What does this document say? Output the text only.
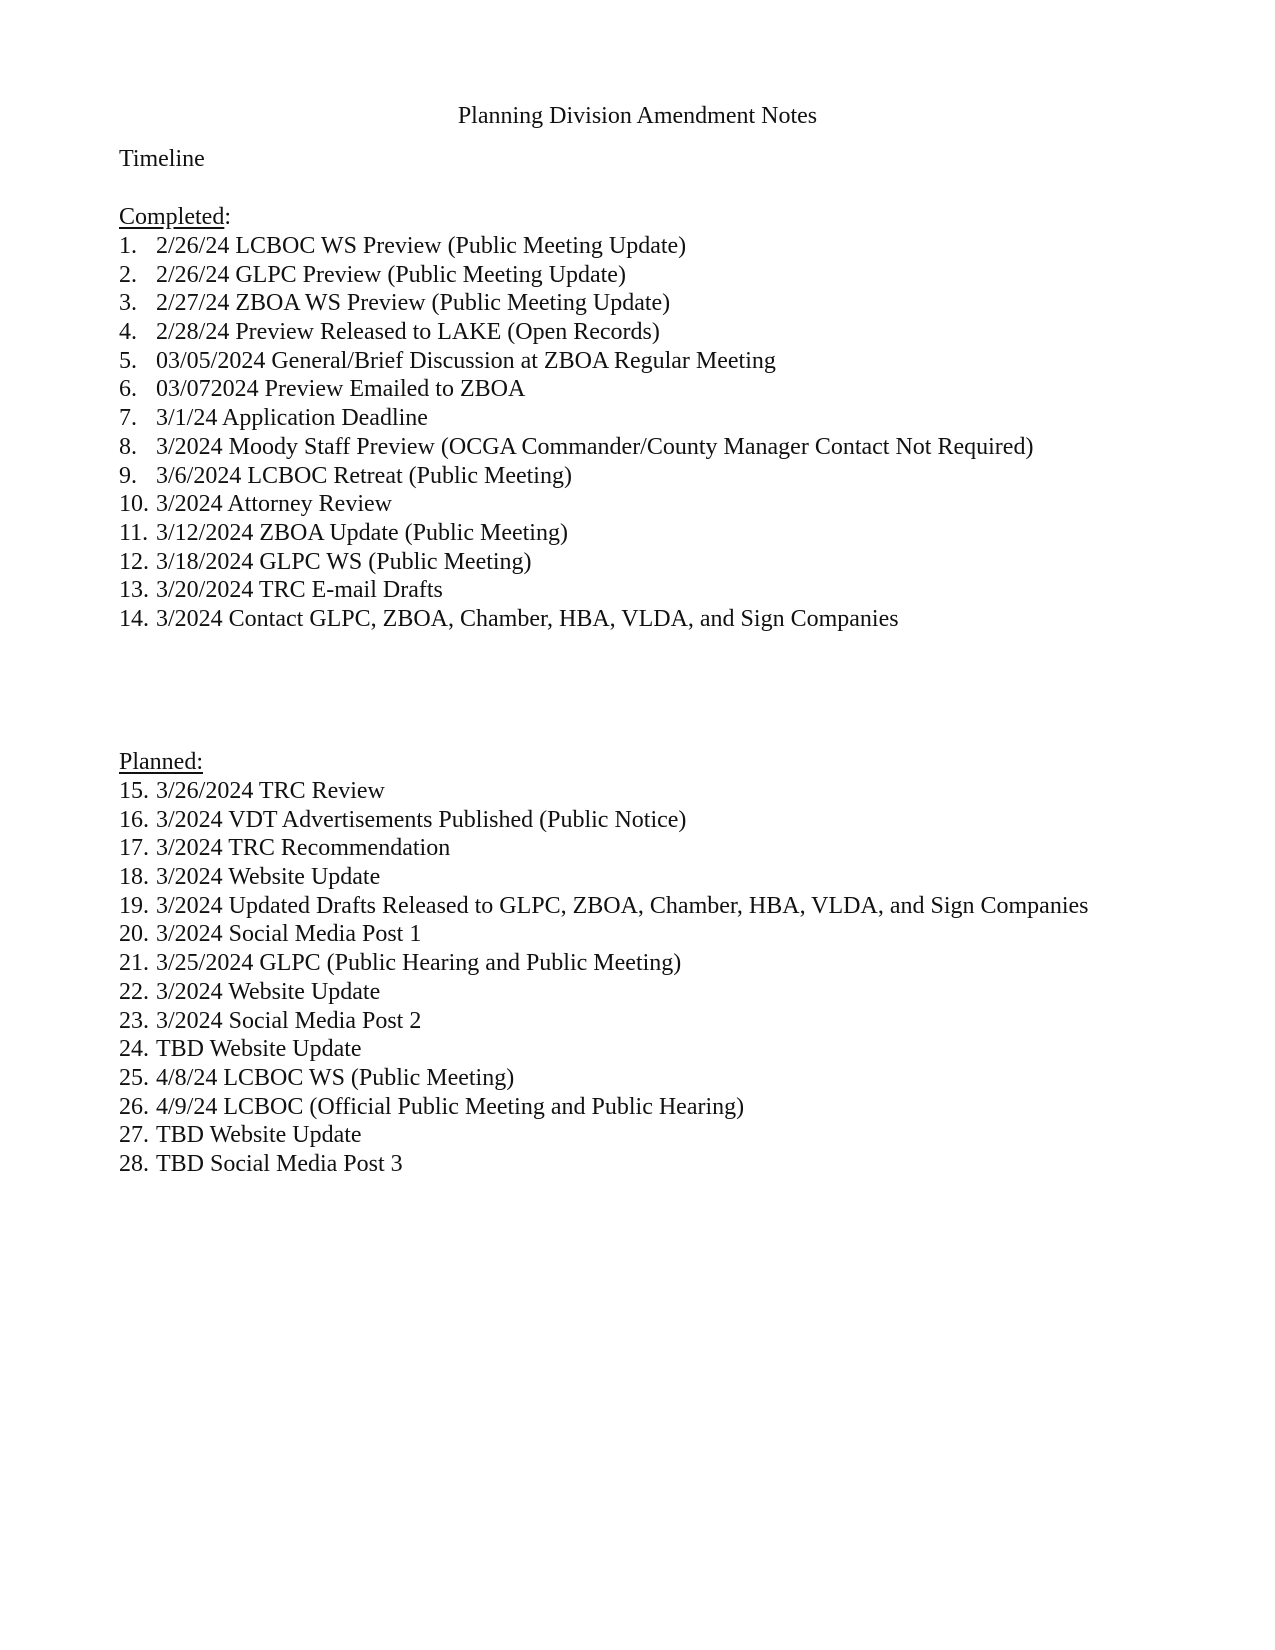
Planning Division Amendment Notes

Timeline

Completed:
1. 2/26/24 LCBOC WS Preview (Public Meeting Update)
2. 2/26/24 GLPC Preview (Public Meeting Update)
3. 2/27/24 ZBOA WS Preview (Public Meeting Update)
4. 2/28/24 Preview Released to LAKE (Open Records)
5. 03/05/2024 General/Brief Discussion at ZBOA Regular Meeting
6. 03/072024 Preview Emailed to ZBOA
7. 3/1/24 Application Deadline
8. 3/2024 Moody Staff Preview (OCGA Commander/County Manager Contact Not Required)
9. 3/6/2024 LCBOC Retreat (Public Meeting)
10. 3/2024 Attorney Review
11. 3/12/2024 ZBOA Update (Public Meeting)
12. 3/18/2024 GLPC WS (Public Meeting)
13. 3/20/2024 TRC E-mail Drafts
14. 3/2024 Contact GLPC, ZBOA, Chamber, HBA, VLDA, and Sign Companies
Planned:
15. 3/26/2024 TRC Review
16. 3/2024 VDT Advertisements Published (Public Notice)
17. 3/2024 TRC Recommendation
18. 3/2024 Website Update
19. 3/2024 Updated Drafts Released to GLPC, ZBOA, Chamber, HBA, VLDA, and Sign Companies
20. 3/2024 Social Media Post 1
21. 3/25/2024 GLPC (Public Hearing and Public Meeting)
22. 3/2024 Website Update
23. 3/2024 Social Media Post 2
24. TBD Website Update
25. 4/8/24 LCBOC WS (Public Meeting)
26. 4/9/24 LCBOC (Official Public Meeting and Public Hearing)
27. TBD Website Update
28. TBD Social Media Post 3
